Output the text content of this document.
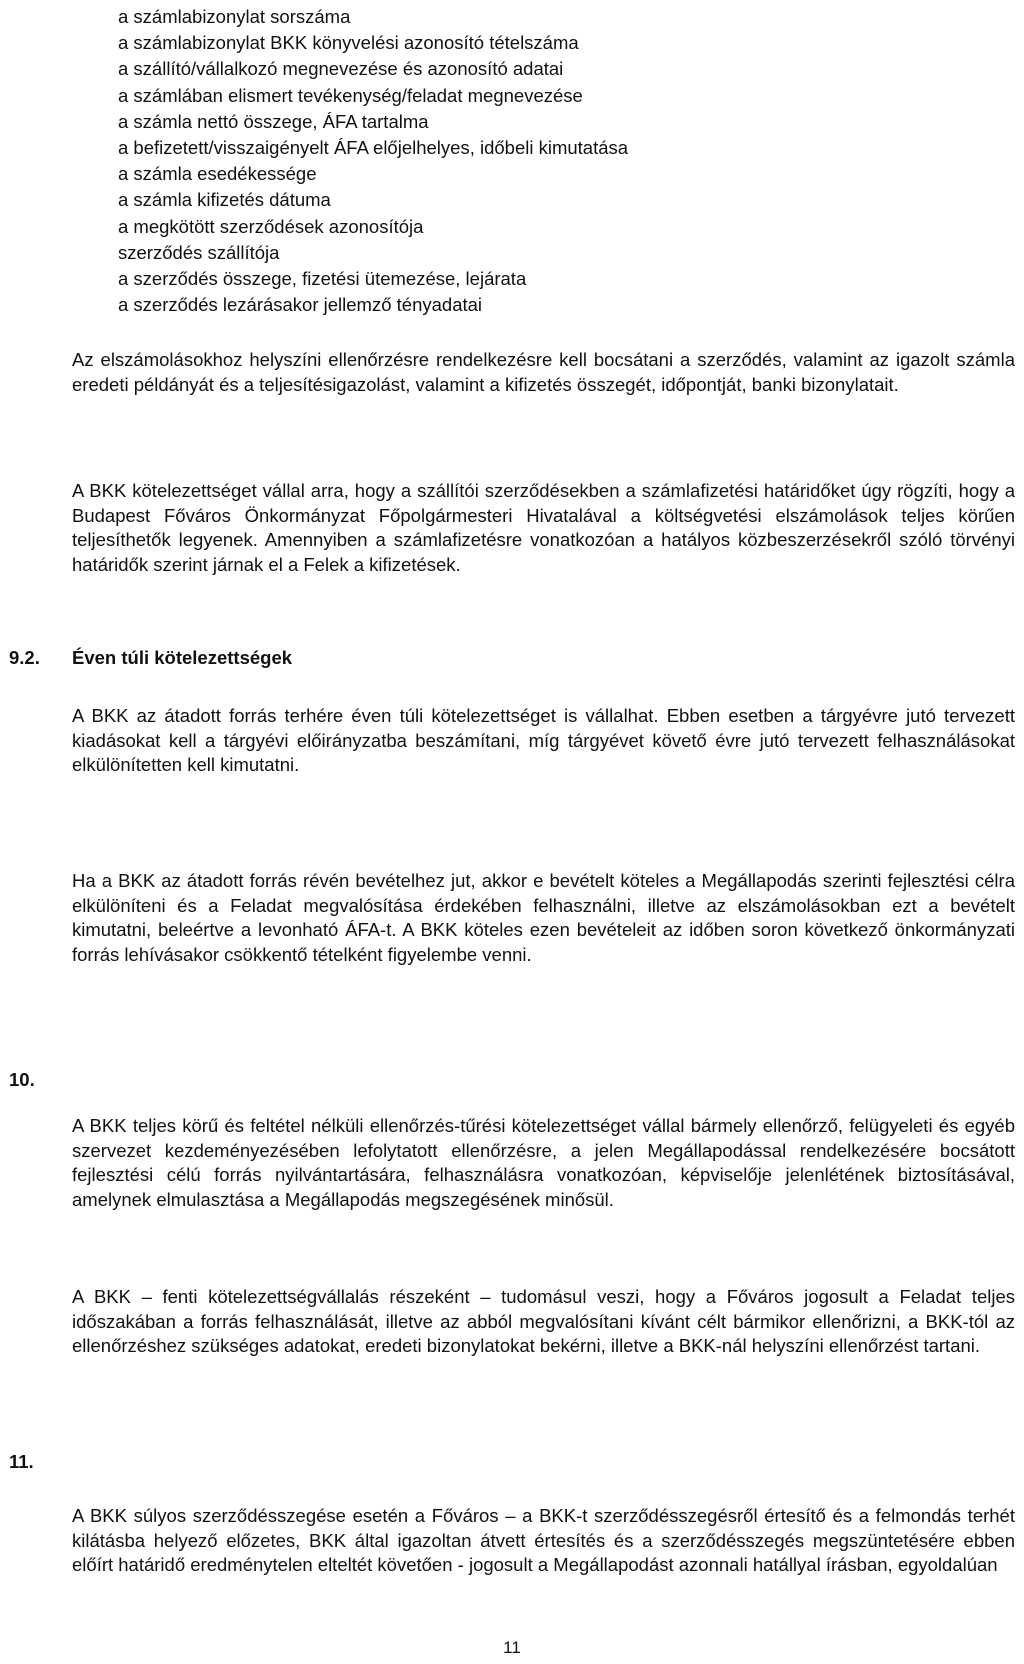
a számlabizonylat sorszáma
a számlabizonylat BKK könyvelési azonosító tételszáma
a szállító/vállalkozó megnevezése és azonosító adatai
a számlában elismert tevékenység/feladat megnevezése
a számla nettó összege, ÁFA tartalma
a befizetett/visszaigényelt ÁFA előjelhelyes, időbeli kimutatása
a számla esedékessége
a számla kifizetés dátuma
a megkötött szerződések azonosítója
szerződés szállítója
a szerződés összege, fizetési ütemezése, lejárata
a szerződés lezárásakor jellemző tényadatai

Az elszámolásokhoz helyszíni ellenőrzésre rendelkezésre kell bocsátani a szerződés, valamint az igazolt számla eredeti példányát és a teljesítésigazolást, valamint a kifizetés összegét, időpontját, banki bizonylatait.

A BKK kötelezettséget vállal arra, hogy a szállítói szerződésekben a számlafizetési határidőket úgy rögzíti, hogy a Budapest Főváros Önkormányzat Főpolgármesteri Hivatalával a költségvetési elszámolások teljes körűen teljesíthetők legyenek. Amennyiben a számlafizetésre vonatkozóan a hatályos közbeszerzésekről szóló törvényi határidők szerint járnak el a Felek a kifizetések.

9.2. Éven túli kötelezettségek

A BKK az átadott forrás terhére éven túli kötelezettséget is vállalhat. Ebben esetben a tárgyévre jutó tervezett kiadásokat kell a tárgyévi előirányzatba beszámítani, míg tárgyévet követő évre jutó tervezett felhasználásokat elkülönítetten kell kimutatni.

Ha a BKK az átadott forrás révén bevételhez jut, akkor e bevételt köteles a Megállapodás szerinti fejlesztési célra elkülöníteni és a Feladat megvalósítása érdekében felhasználni, illetve az elszámolásokban ezt a bevételt kimutatni, beleértve a levonható ÁFA-t. A BKK köteles ezen bevételeit az időben soron következő önkormányzati forrás lehívásakor csökkentő tételként figyelembe venni.

10.

A BKK teljes körű és feltétel nélküli ellenőrzés-tűrési kötelezettséget vállal bármely ellenőrző, felügyeleti és egyéb szervezet kezdeményezésében lefolytatott ellenőrzésre, a jelen Megállapodással rendelkezésére bocsátott fejlesztési célú forrás nyilvántartására, felhasználásra vonatkozóan, képviselője jelenlétének biztosításával, amelynek elmulasztása a Megállapodás megszegésének minősül.

A BKK – fenti kötelezettségvállalás részeként – tudomásul veszi, hogy a Főváros jogosult a Feladat teljes időszakában a forrás felhasználását, illetve az abból megvalósítani kívánt célt bármikor ellenőrizni, a BKK-tól az ellenőrzéshez szükséges adatokat, eredeti bizonylatokat bekérni, illetve a BKK-nál helyszíni ellenőrzést tartani.

11.

A BKK súlyos szerződésszegése esetén a Főváros – a BKK-t szerződésszegésről értesítő és a felmondás terhét kilátásba helyező előzetes, BKK által igazoltan átvett értesítés és a szerződésszegés megszüntetésére ebben előírt határidő eredménytelen elteltét követően - jogosult a Megállapodást azonnali hatállyal írásban, egyoldalúan

11
